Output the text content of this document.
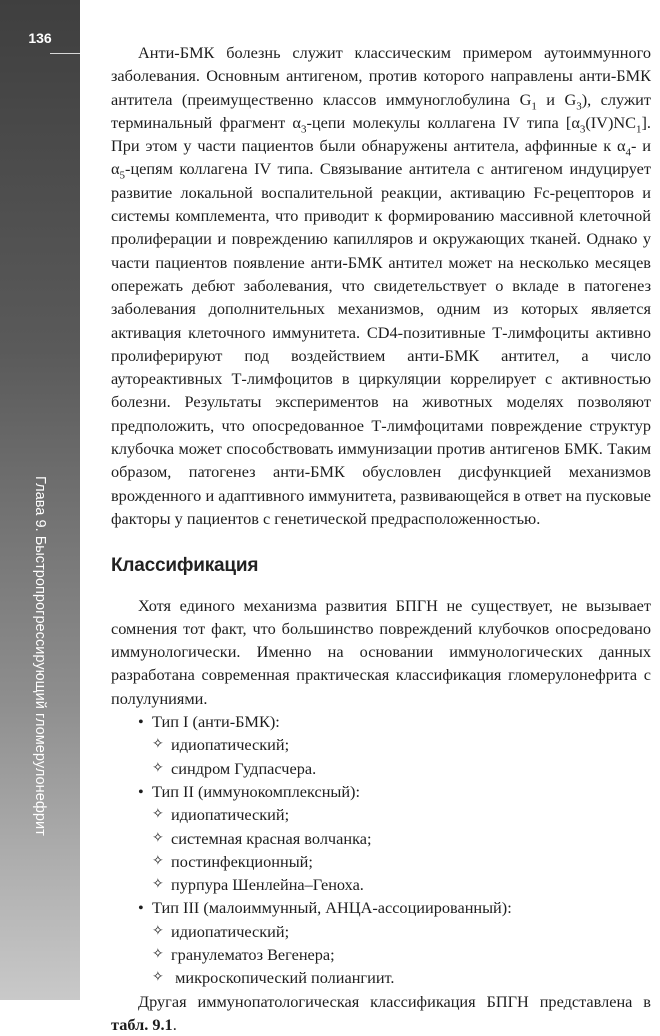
136
Глава 9. Быстропрогрессирующий гломерулонефрит

Анти-БМК болезнь служит классическим примером аутоиммунного заболевания. Основным антигеном, против которого направлены анти-БМК антитела (преимущественно классов иммуноглобулина $G_1$ и $G_3$), служит терминальный фрагмент $\alpha_3$-цепи молекулы коллагена IV типа $[\alpha_3(IV)NC_1]$. При этом у части пациентов были обнаружены антитела, аффинные к $\alpha_4-$ и $\alpha_5$-цепям коллагена IV типа. Связывание антитела с антигеном индуцирует развитие локальной воспалительной реакции, активацию Fc-рецепторов и системы комплемента, что приводит к формированию массивной клеточной пролиферации и повреждению капилляров и окружающих тканей. Однако у части пациентов появление анти-БМК антител может на несколько месяцев опережать дебют заболевания, что свидетельствует о вкладе в патогенез заболевания дополнительных механизмов, одним из которых является активация клеточного иммунитета. CD4-позитивные Т-лимфоциты активно пролиферируют под воздействием анти-БМК антител, а число аутореактивных Т-лимфоцитов в циркуляции коррелирует с активностью болезни. Результаты экспериментов на животных моделях позволяют предположить, что опосредованное Т-лимфоцитами повреждение структур клубочка может способствовать иммунизации против антигенов БМК. Таким образом, патогенез анти-БМК обусловлен дисфункцией механизмов врожденного и адаптивного иммунитета, развивающейся в ответ на пусковые факторы у пациентов с генетической предрасположенностью.

Классификация

Хотя единого механизма развития БПГН не существует, не вызывает сомнения тот факт, что большинство повреждений клубочков опосредовано иммунологически. Именно на основании иммунологических данных разработана современная практическая классификация гломерулонефрита с полулуниями.

• Тип I (анти-БМК):
✧ идиопатический;
✧ синдром Гудпасчера.
• Тип II (иммунокомплексный):
✧ идиопатический;
✧ системная красная волчанка;
✧ постинфекционный;
✧ пурпура Шенлейна–Геноха.
• Тип III (малоиммунный, АНЦА-ассоциированный):
✧ идиопатический;
✧ гранулематоз Вегенера;
✧ микроскопический полиангиит.

Другая иммунопатологическая классификация БПГН представлена в табл. 9.1.
